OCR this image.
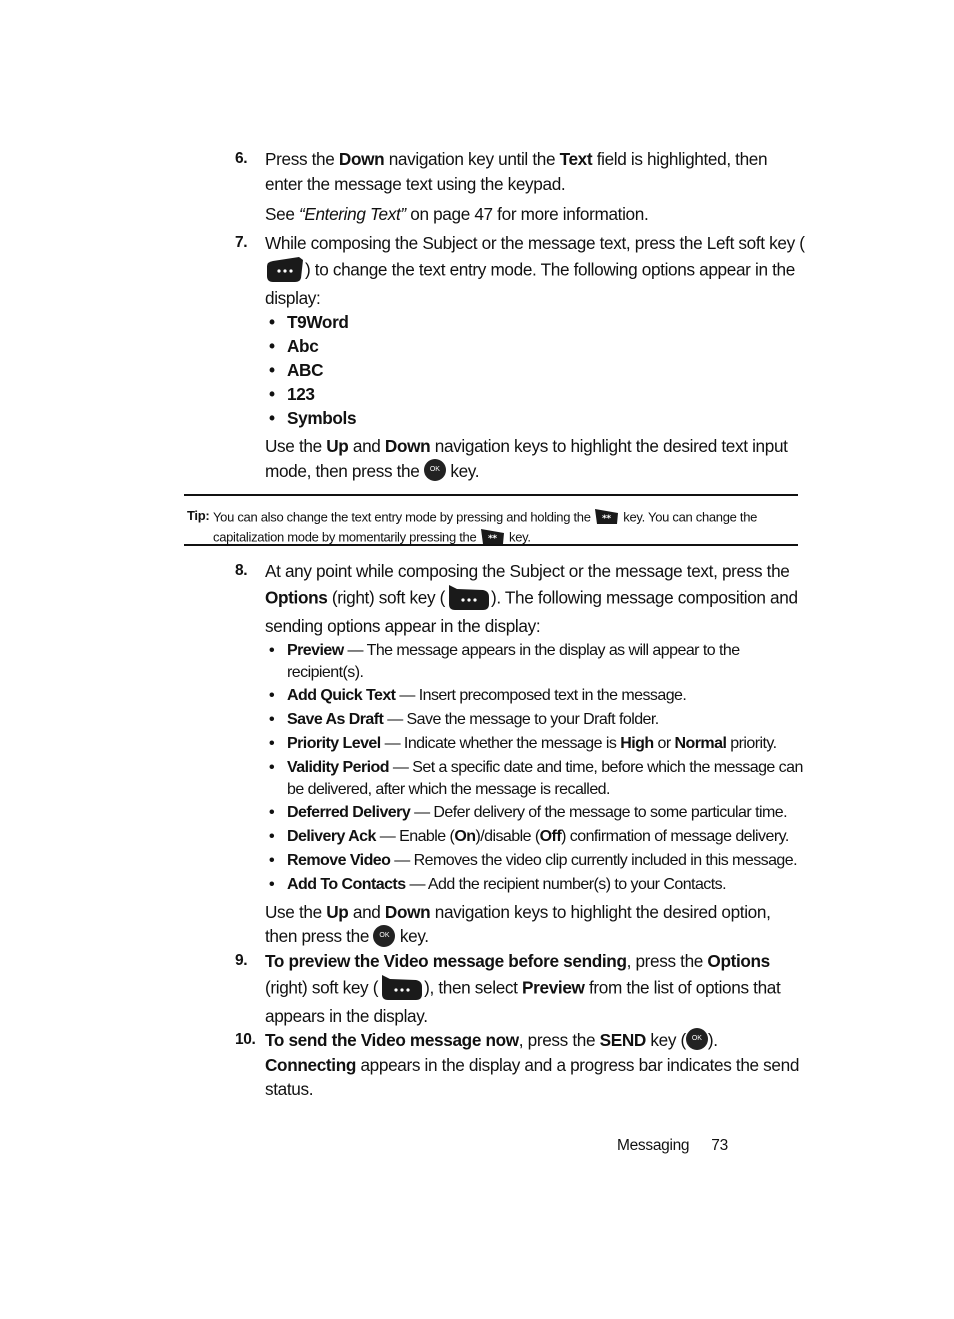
6. Press the Down navigation key until the Text field is highlighted, then enter the message text using the keypad.

See “Entering Text” on page 47 for more information.

7. While composing the Subject or the message text, press the Left soft key () to change the text entry mode. The following options appear in the display:

• T9Word
• Abc
• ABC
• 123
• Symbols

Use the Up and Down navigation keys to highlight the desired text input mode, then press the OK key.

Tip: You can also change the text entry mode by pressing and holding the ** key. You can change the capitalization mode by momentarily pressing the ** key.
8. At any point while composing the Subject or the message text, press the Options (right) soft key (	). The following message composition and sending options appear in the display:

• Preview — The message appears in the display as will appear to the recipient(s).
• Add Quick Text — Insert precomposed text in the message.
• Save As Draft — Save the message to your Draft folder.
• Priority Level — Indicate whether the message is High or Normal priority.
• Validity Period — Set a specific date and time, before which the message can be delivered, after which the message is recalled.
• Deferred Delivery — Defer delivery of the message to some particular time.
• Delivery Ack — Enable (On)/disable (Off) confirmation of message delivery.
• Remove Video — Removes the video clip currently included in this message.
• Add To Contacts — Add the recipient number(s) to your Contacts.

Use the Up and Down navigation keys to highlight the desired option, then press the OK key.

9. To preview the Video message before sending, press the Options (right) soft key (	), then select Preview from the list of options that appears in the display.

10. To send the Video message now, press the SEND key ( OK ). Connecting appears in the display and a progress bar indicates the send status.

Messaging 73
